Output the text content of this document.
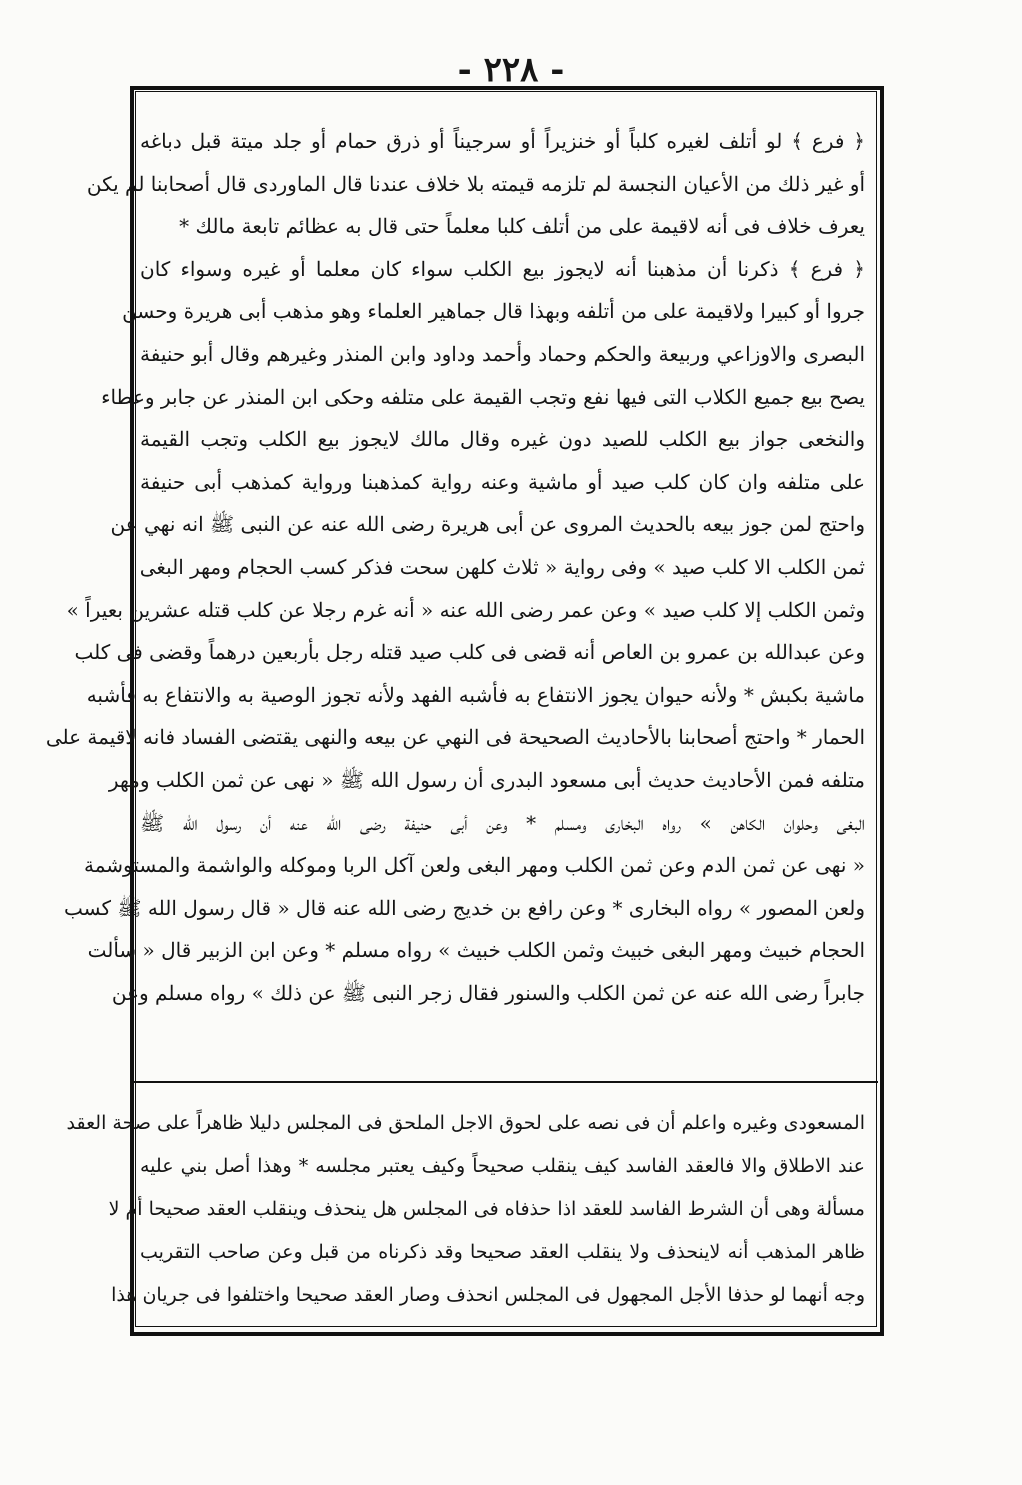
- ٢٢٨ -
﴿ فرع ﴾ لو أتلف لغيره كلباً أو خنزيراً أو سرجيناً أو ذرق حمام أو جلد ميتة قبل دباغه
أو غير ذلك من الأعيان النجسة لم تلزمه قيمته بلا خلاف عندنا قال الماوردى قال أصحابنا لم يكن
يعرف خلاف فى أنه لاقيمة على من أتلف كلبا معلماً حتى قال به عظائم تابعة مالك *
﴿ فرع ﴾ ذكرنا أن مذهبنا أنه لايجوز بيع الكلب سواء كان معلما أو غيره وسواء كان
جروا أو كبيرا ولاقيمة على من أتلفه وبهذا قال جماهير العلماء وهو مذهب أبى هريرة وحسن
البصرى والاوزاعي وربيعة والحكم وحماد وأحمد وداود وابن المنذر وغيرهم وقال أبو حنيفة
يصح بيع جميع الكلاب التى فيها نفع وتجب القيمة على متلفه وحكى ابن المنذر عن جابر وعطاء
والنخعى جواز بيع الكلب للصيد دون غيره وقال مالك لايجوز بيع الكلب وتجب القيمة
على متلفه وان كان كلب صيد أو ماشية وعنه رواية كمذهبنا ورواية كمذهب أبى حنيفة
واحتج لمن جوز بيعه بالحديث المروى عن أبى هريرة رضى الله عنه عن النبى ﷺ انه نهي عن
ثمن الكلب الا كلب صيد » وفى رواية « ثلاث كلهن سحت فذكر كسب الحجام ومهر البغى
وثمن الكلب إلا كلب صيد » وعن عمر رضى الله عنه « أنه غرم رجلا عن كلب قتله عشرين بعيراً »
وعن عبدالله بن عمرو بن العاص أنه قضى فى كلب صيد قتله رجل بأربعين درهماً وقضى فى كلب
ماشية بكبش * ولأنه حيوان يجوز الانتفاع به فأشبه الفهد ولأنه تجوز الوصية به والانتفاع به فأشبه
الحمار * واحتج أصحابنا بالأحاديث الصحيحة فى النهي عن بيعه والنهى يقتضى الفساد فانه لاقيمة على
متلفه فمن الأحاديث حديث أبى مسعود البدرى أن رسول الله ﷺ « نهى عن ثمن الكلب ومهر
البغى وحلوان الكاهن » رواه البخارى ومسلم * وعن أبى حنيفة رضى الله عنه أن رسول الله ﷺ
« نهى عن ثمن الدم وعن ثمن الكلب ومهر البغى ولعن آكل الربا وموكله والواشمة والمستوشمة
ولعن المصور » رواه البخارى * وعن رافع بن خديج رضى الله عنه قال « قال رسول الله ﷺ كسب
الحجام خبيث ومهر البغى خبيث وثمن الكلب خبيث » رواه مسلم * وعن ابن الزبير قال « سألت
جابراً رضى الله عنه عن ثمن الكلب والسنور فقال زجر النبى ﷺ عن ذلك » رواه مسلم وعن
المسعودى وغيره واعلم أن فى نصه على لحوق الاجل الملحق فى المجلس دليلا ظاهراً على صحة العقد
عند الاطلاق والا فالعقد الفاسد كيف ينقلب صحيحاً وكيف يعتبر مجلسه * وهذا أصل بني عليه
مسألة وهى أن الشرط الفاسد للعقد اذا حذفاه فى المجلس هل ينحذف وينقلب العقد صحيحا أم لا
ظاهر المذهب أنه لاينحذف ولا ينقلب العقد صحيحا وقد ذكرناه من قبل وعن صاحب التقريب
وجه أنهما لو حذفا الأجل المجهول فى المجلس انحذف وصار العقد صحيحا واختلفوا فى جريان هذا
